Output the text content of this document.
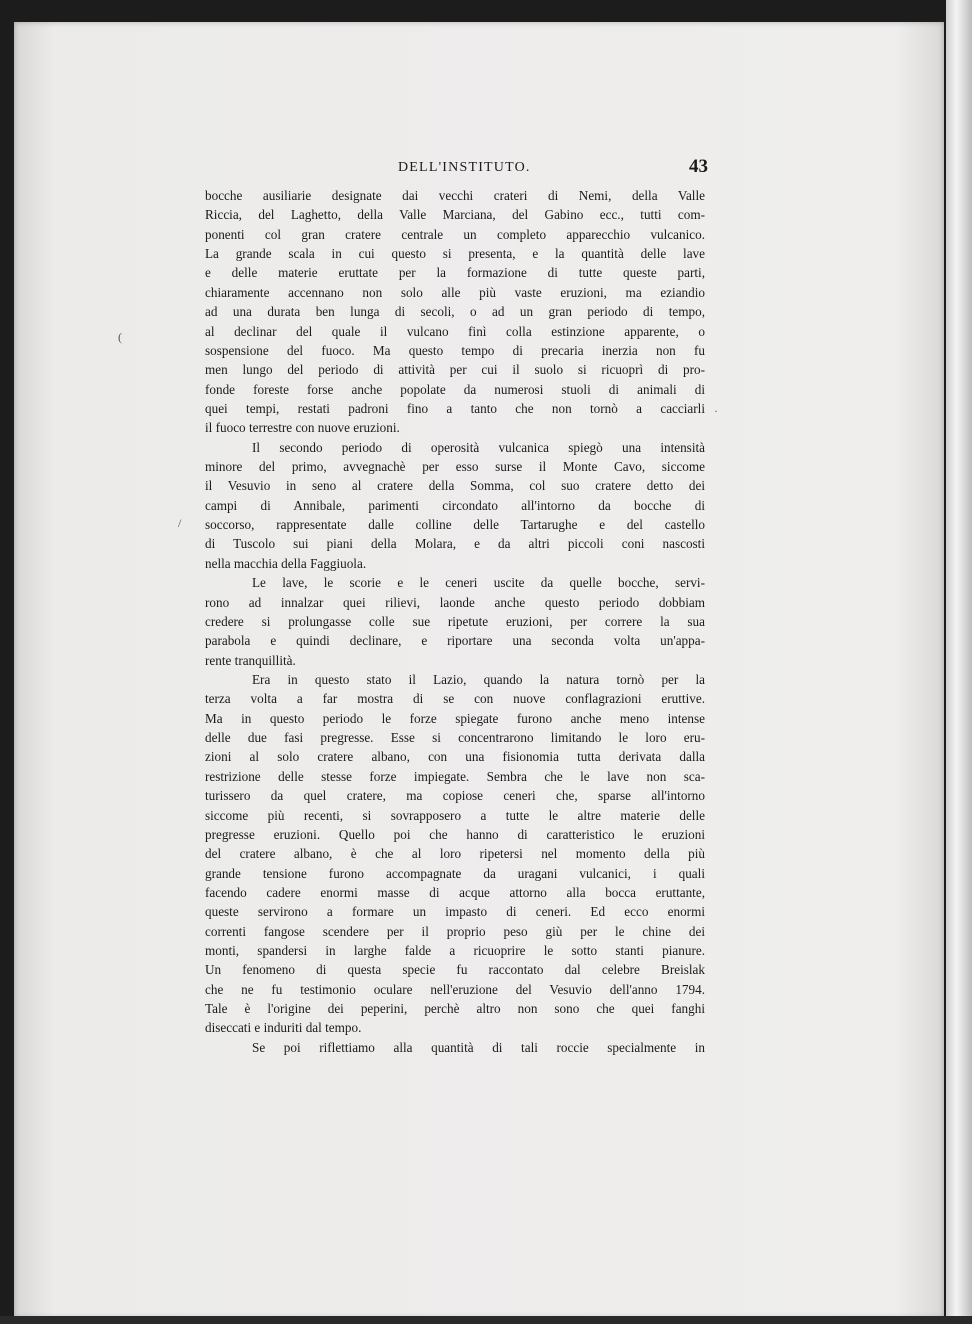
DELL'INSTITUTO.	43
bocche ausiliarie designate dai vecchi crateri di Nemi, della Valle
Riccia, del Laghetto, della Valle Marciana, del Gabino ecc., tutti com-
ponenti col gran cratere centrale un completo apparecchio vulcanico.
La grande scala in cui questo si presenta, e la quantità delle lave
e delle materie eruttate per la formazione di tutte queste parti,
chiaramente accennano non solo alle più vaste eruzioni, ma eziandio
ad una durata ben lunga di secoli, o ad un gran periodo di tempo,
al declinar del quale il vulcano finì colla estinzione apparente, o
sospensione del fuoco. Ma questo tempo di precaria inerzia non fu
men lungo del periodo di attività per cui il suolo si ricuoprì di pro-
fonde foreste forse anche popolate da numerosi stuoli di animali di
quei tempi, restati padroni fino a tanto che non tornò a cacciarli
il fuoco terrestre con nuove eruzioni.
Il secondo periodo di operosità vulcanica spiegò una intensità
minore del primo, avvegnachè per esso surse il Monte Cavo, siccome
il Vesuvio in seno al cratere della Somma, col suo cratere detto dei
campi di Annibale, parimenti circondato all'intorno da bocche di
soccorso, rappresentate dalle colline delle Tartarughe e del castello
di Tuscolo sui piani della Molara, e da altri piccoli coni nascosti
nella macchia della Faggiuola.
Le lave, le scorie e le ceneri uscite da quelle bocche, servi-
rono ad innalzar quei rilievi, laonde anche questo periodo dobbiam
credere si prolungasse colle sue ripetute eruzioni, per correre la sua
parabola e quindi declinare, e riportare una seconda volta un'appa-
rente tranquillità.
Era in questo stato il Lazio, quando la natura tornò per la
terza volta a far mostra di se con nuove conflagrazioni eruttive.
Ma in questo periodo le forze spiegate furono anche meno intense
delle due fasi pregresse. Esse si concentrarono limitando le loro eru-
zioni al solo cratere albano, con una fisionomia tutta derivata dalla
restrizione delle stesse forze impiegate. Sembra che le lave non sca-
turissero da quel cratere, ma copiose ceneri che, sparse all'intorno
siccome più recenti, si sovrapposero a tutte le altre materie delle
pregresse eruzioni. Quello poi che hanno di caratteristico le eruzioni
del cratere albano, è che al loro ripetersi nel momento della più
grande tensione furono accompagnate da uragani vulcanici, i quali
facendo cadere enormi masse di acque attorno alla bocca eruttante,
queste servirono a formare un impasto di ceneri. Ed ecco enormi
correnti fangose scendere per il proprio peso giù per le chine dei
monti, spandersi in larghe falde a ricuoprire le sotto stanti pianure.
Un fenomeno di questa specie fu raccontato dal celebre Breislak
che ne fu testimonio oculare nell'eruzione del Vesuvio dell'anno 1794.
Tale è l'origine dei peperini, perchè altro non sono che quei fanghi
diseccati e induriti dal tempo.
Se poi riflettiamo alla quantità di tali roccie specialmente in
(
·
/
